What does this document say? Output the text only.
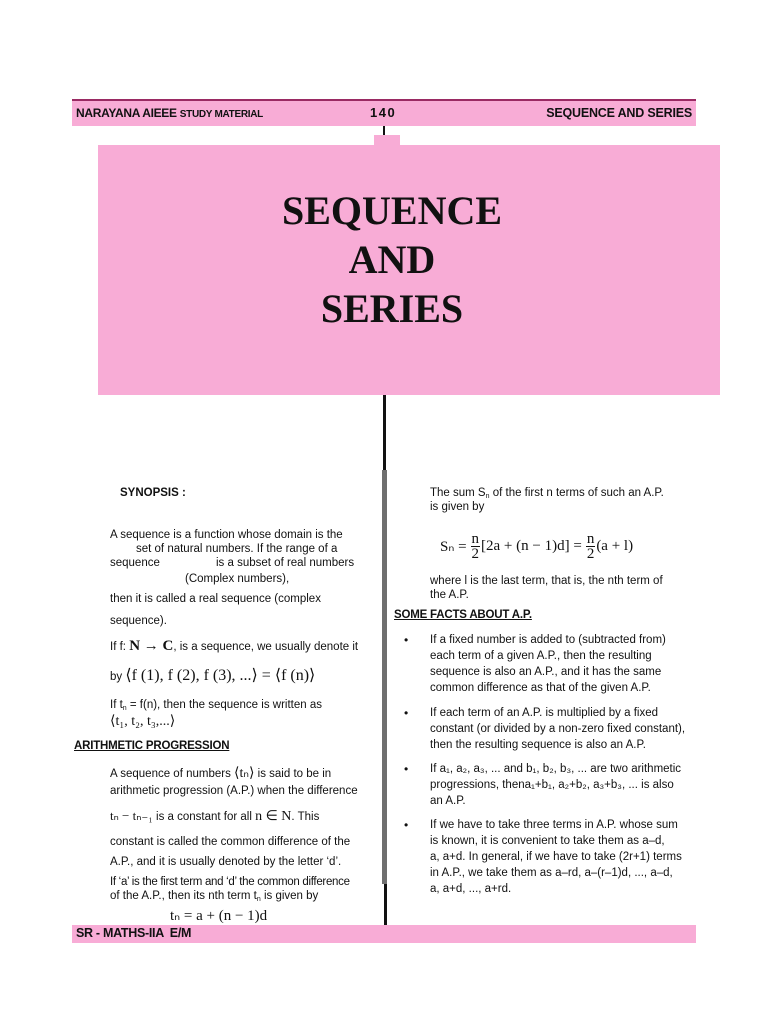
NARAYANA AIEEE STUDY MATERIAL	140	SEQUENCE AND SERIES
SEQUENCE
AND
SERIES
SYNOPSIS :
A sequence is a function whose domain is the
set of natural numbers. If the range of a
sequence	is a subset of real numbers
(Complex numbers),
then it is called a real sequence (complex
sequence).
If f: N → C, is a sequence, we usually denote it
by ⟨f (1), f (2), f (3), ...⟩ = ⟨f (n)⟩
If $t_n = f(n)$, then the sequence is written as
⟨t₁, t₂, t₃,...⟩
ARITHMETIC PROGRESSION
A sequence of numbers ⟨tₙ⟩ is said to be in
arithmetic progression (A.P.) when the difference
tₙ − tₙ₋₁ is a constant for all n ∈ N. This
constant is called the common difference of the
A.P., and it is usually denoted by the letter ‘d’.
If ‘a’ is the first term and ‘d’ the common difference
of the A.P., then its nth term $t_n$ is given by
tₙ = a + (n − 1)d
The sum $S_n$ of the first n terms of such an A.P.
is given by
$S_n = \frac{n}{2} [2a + (n - 1)d] = \frac{n}{2} (a + l)$
where l is the last term, that is, the nth term of
the A.P.
SOME FACTS ABOUT A.P.
• If a fixed number is added to (subtracted from)
each term of a given A.P., then the resulting
sequence is also an A.P., and it has the same
common difference as that of the given A.P.
• If each term of an A.P. is multiplied by a fixed
constant (or divided by a non-zero fixed constant),
then the resulting sequence is also an A.P.
• If a₁, a₂, a₃, ... and b₁, b₂, b₃, ... are two arithmetic
progressions, thena₁+b₁, a₂+b₂, a₃+b₃, ... is also
an A.P.
• If we have to take three terms in A.P. whose sum
is known, it is convenient to take them as a–d,
a, a+d. In general, if we have to take (2r+1) terms
in A.P., we take them as a–rd, a–(r–1)d, ..., a–d,
a, a+d, ..., a+rd.
SR - MATHS-IIA  E/M
